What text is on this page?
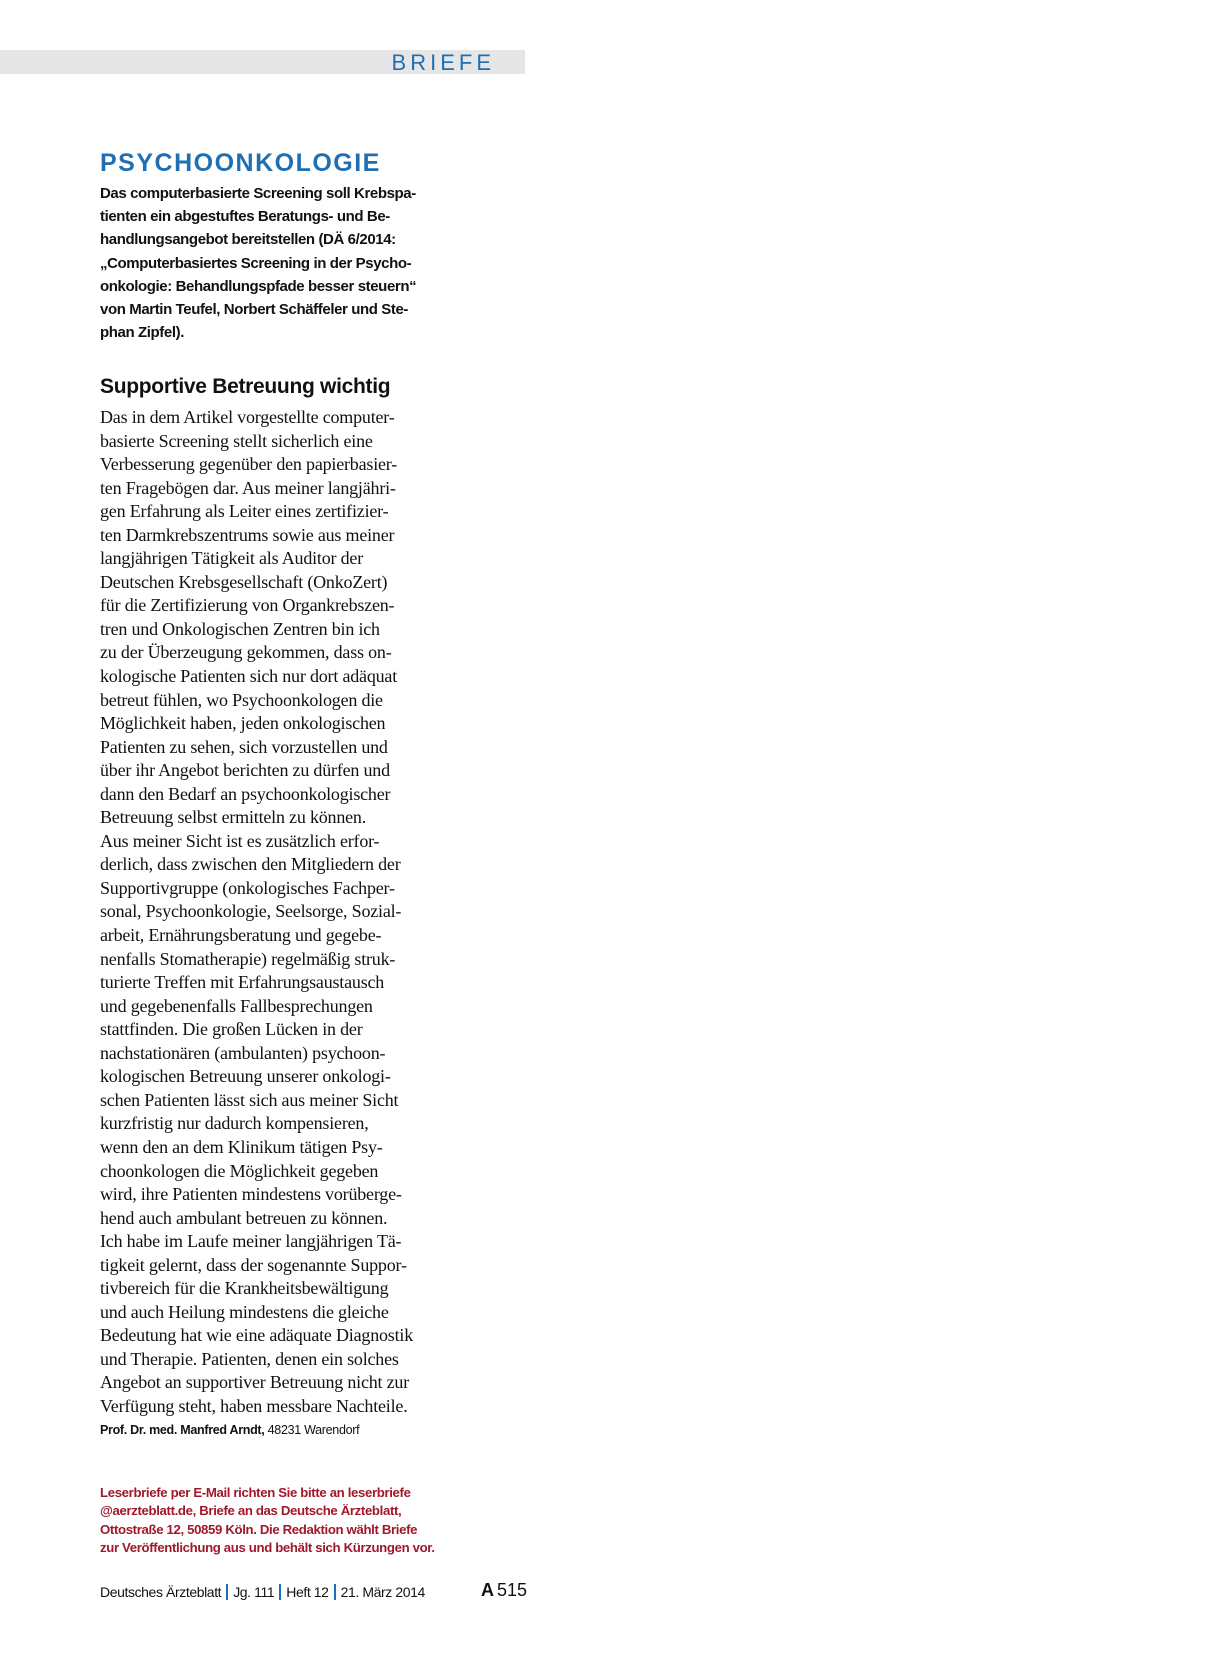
BRIEFE
PSYCHOONKOLOGIE
Das computerbasierte Screening soll Krebspa-
tienten ein abgestuftes Beratungs- und Be-
handlungsangebot bereitstellen (DÄ 6/2014:
„Computerbasiertes Screening in der Psycho-
onkologie: Behandlungspfade besser steuern“
von Martin Teufel, Norbert Schäffeler und Ste-
phan Zipfel).
Supportive Betreuung wichtig
Das in dem Artikel vorgestellte computer-
basierte Screening stellt sicherlich eine
Verbesserung gegenüber den papierbasier-
ten Fragebögen dar. Aus meiner langjähri-
gen Erfahrung als Leiter eines zertifizier-
ten Darmkrebszentrums sowie aus meiner
langjährigen Tätigkeit als Auditor der
Deutschen Krebsgesellschaft (OnkoZert)
für die Zertifizierung von Organkrebszen-
tren und Onkologischen Zentren bin ich
zu der Überzeugung gekommen, dass on-
kologische Patienten sich nur dort adäquat
betreut fühlen, wo Psychoonkologen die
Möglichkeit haben, jeden onkologischen
Patienten zu sehen, sich vorzustellen und
über ihr Angebot berichten zu dürfen und
dann den Bedarf an psychoonkologischer
Betreuung selbst ermitteln zu können.
Aus meiner Sicht ist es zusätzlich erfor-
derlich, dass zwischen den Mitgliedern der
Supportivgruppe (onkologisches Fachper-
sonal, Psychoonkologie, Seelsorge, Sozial-
arbeit, Ernährungsberatung und gegebe-
nenfalls Stomatherapie) regelmäßig struk-
turierte Treffen mit Erfahrungsaustausch
und gegebenenfalls Fallbesprechungen
stattfinden. Die großen Lücken in der
nachstationären (ambulanten) psychoon-
kologischen Betreuung unserer onkologi-
schen Patienten lässt sich aus meiner Sicht
kurzfristig nur dadurch kompensieren,
wenn den an dem Klinikum tätigen Psy-
choonkologen die Möglichkeit gegeben
wird, ihre Patienten mindestens vorüberge-
hend auch ambulant betreuen zu können.
Ich habe im Laufe meiner langjährigen Tä-
tigkeit gelernt, dass der sogenannte Suppor-
tivbereich für die Krankheitsbewältigung
und auch Heilung mindestens die gleiche
Bedeutung hat wie eine adäquate Diagnostik
und Therapie. Patienten, denen ein solches
Angebot an supportiver Betreuung nicht zur
Verfügung steht, haben messbare Nachteile.
Prof. Dr. med. Manfred Arndt, 48231 Warendorf
Leserbriefe per E-Mail richten Sie bitte an leserbriefe
@aerzteblatt.de, Briefe an das Deutsche Ärzteblatt,
Ottostraße 12, 50859 Köln. Die Redaktion wählt Briefe
zur Veröffentlichung aus und behält sich Kürzungen vor.
Deutsches Ärzteblatt Jg. 111 Heft 12 21. März 2014	A 515
